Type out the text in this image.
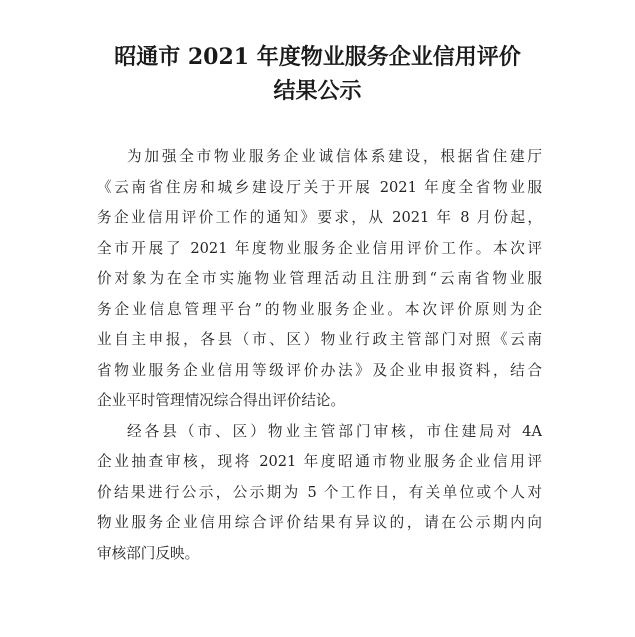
昭通市 2021 年度物业服务企业信用评价
结果公示
为加强全市物业服务企业诚信体系建设，根据省住建厅
《云南省住房和城乡建设厅关于开展 2021 年度全省物业服
务企业信用评价工作的通知》要求，从 2021 年 8 月份起，
全市开展了 2021 年度物业服务企业信用评价工作。本次评
价对象为在全市实施物业管理活动且注册到“云南省物业服
务企业信息管理平台”的物业服务企业。本次评价原则为企
业自主申报，各县（市、区）物业行政主管部门对照《云南
省物业服务企业信用等级评价办法》及企业申报资料，结合
企业平时管理情况综合得出评价结论。
经各县（市、区）物业主管部门审核，市住建局对 4A
企业抽查审核，现将 2021 年度昭通市物业服务企业信用评
价结果进行公示，公示期为 5 个工作日，有关单位或个人对
物业服务企业信用综合评价结果有异议的，请在公示期内向
审核部门反映。
